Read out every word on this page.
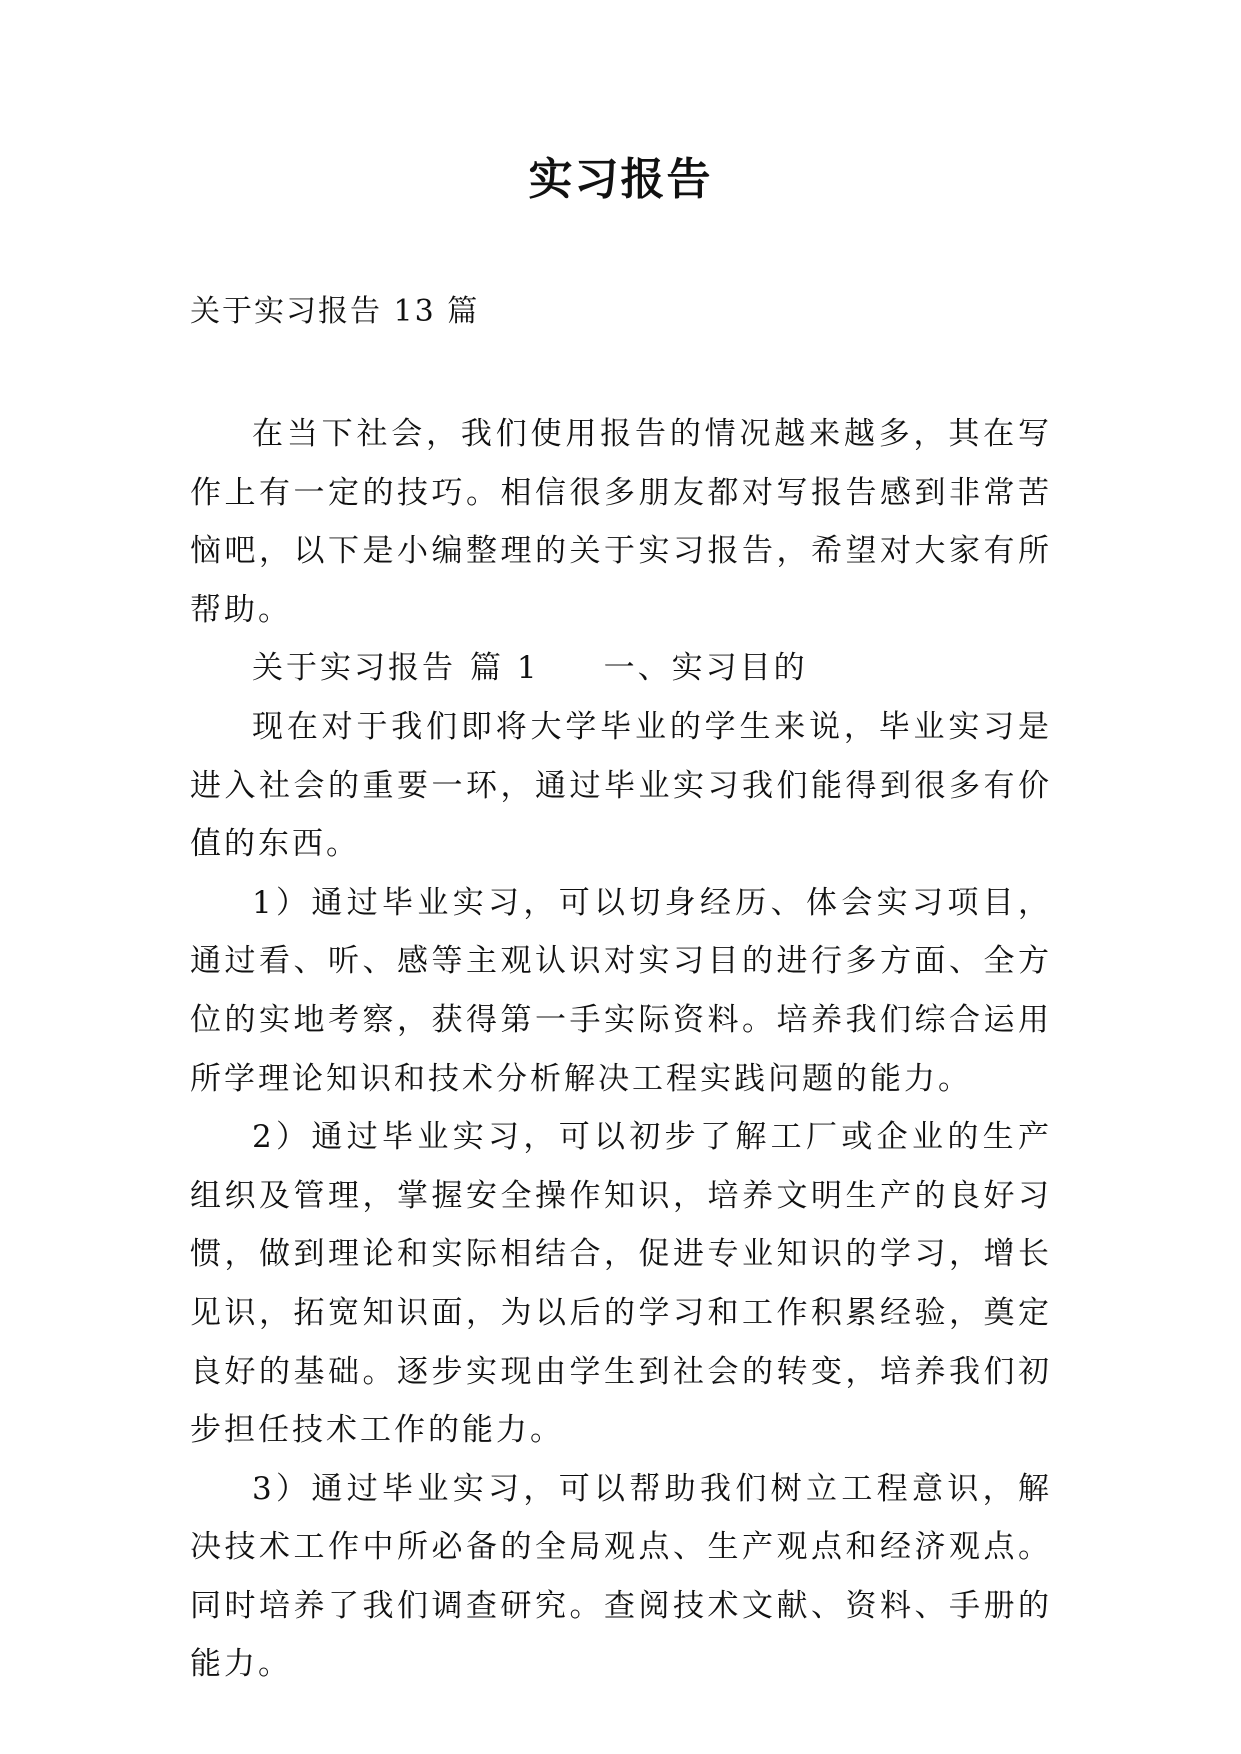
实习报告
关于实习报告 13 篇

在当下社会，我们使用报告的情况越来越多，其在写作上有一定的技巧。相信很多朋友都对写报告感到非常苦恼吧，以下是小编整理的关于实习报告，希望对大家有所帮助。

关于实习报告 篇 1 一、实习目的

现在对于我们即将大学毕业的学生来说，毕业实习是进入社会的重要一环，通过毕业实习我们能得到很多有价值的东西。

1）通过毕业实习，可以切身经历、体会实习项目，通过看、听、感等主观认识对实习目的进行多方面、全方位的实地考察，获得第一手实际资料。培养我们综合运用所学理论知识和技术分析解决工程实践问题的能力。

2）通过毕业实习，可以初步了解工厂或企业的生产组织及管理，掌握安全操作知识，培养文明生产的良好习惯，做到理论和实际相结合，促进专业知识的学习，增长见识，拓宽知识面，为以后的学习和工作积累经验，奠定良好的基础。逐步实现由学生到社会的转变，培养我们初步担任技术工作的能力。

3）通过毕业实习，可以帮助我们树立工程意识，解决技术工作中所必备的全局观点、生产观点和经济观点。同时培养了我们调查研究。查阅技术文献、资料、手册的能力。
